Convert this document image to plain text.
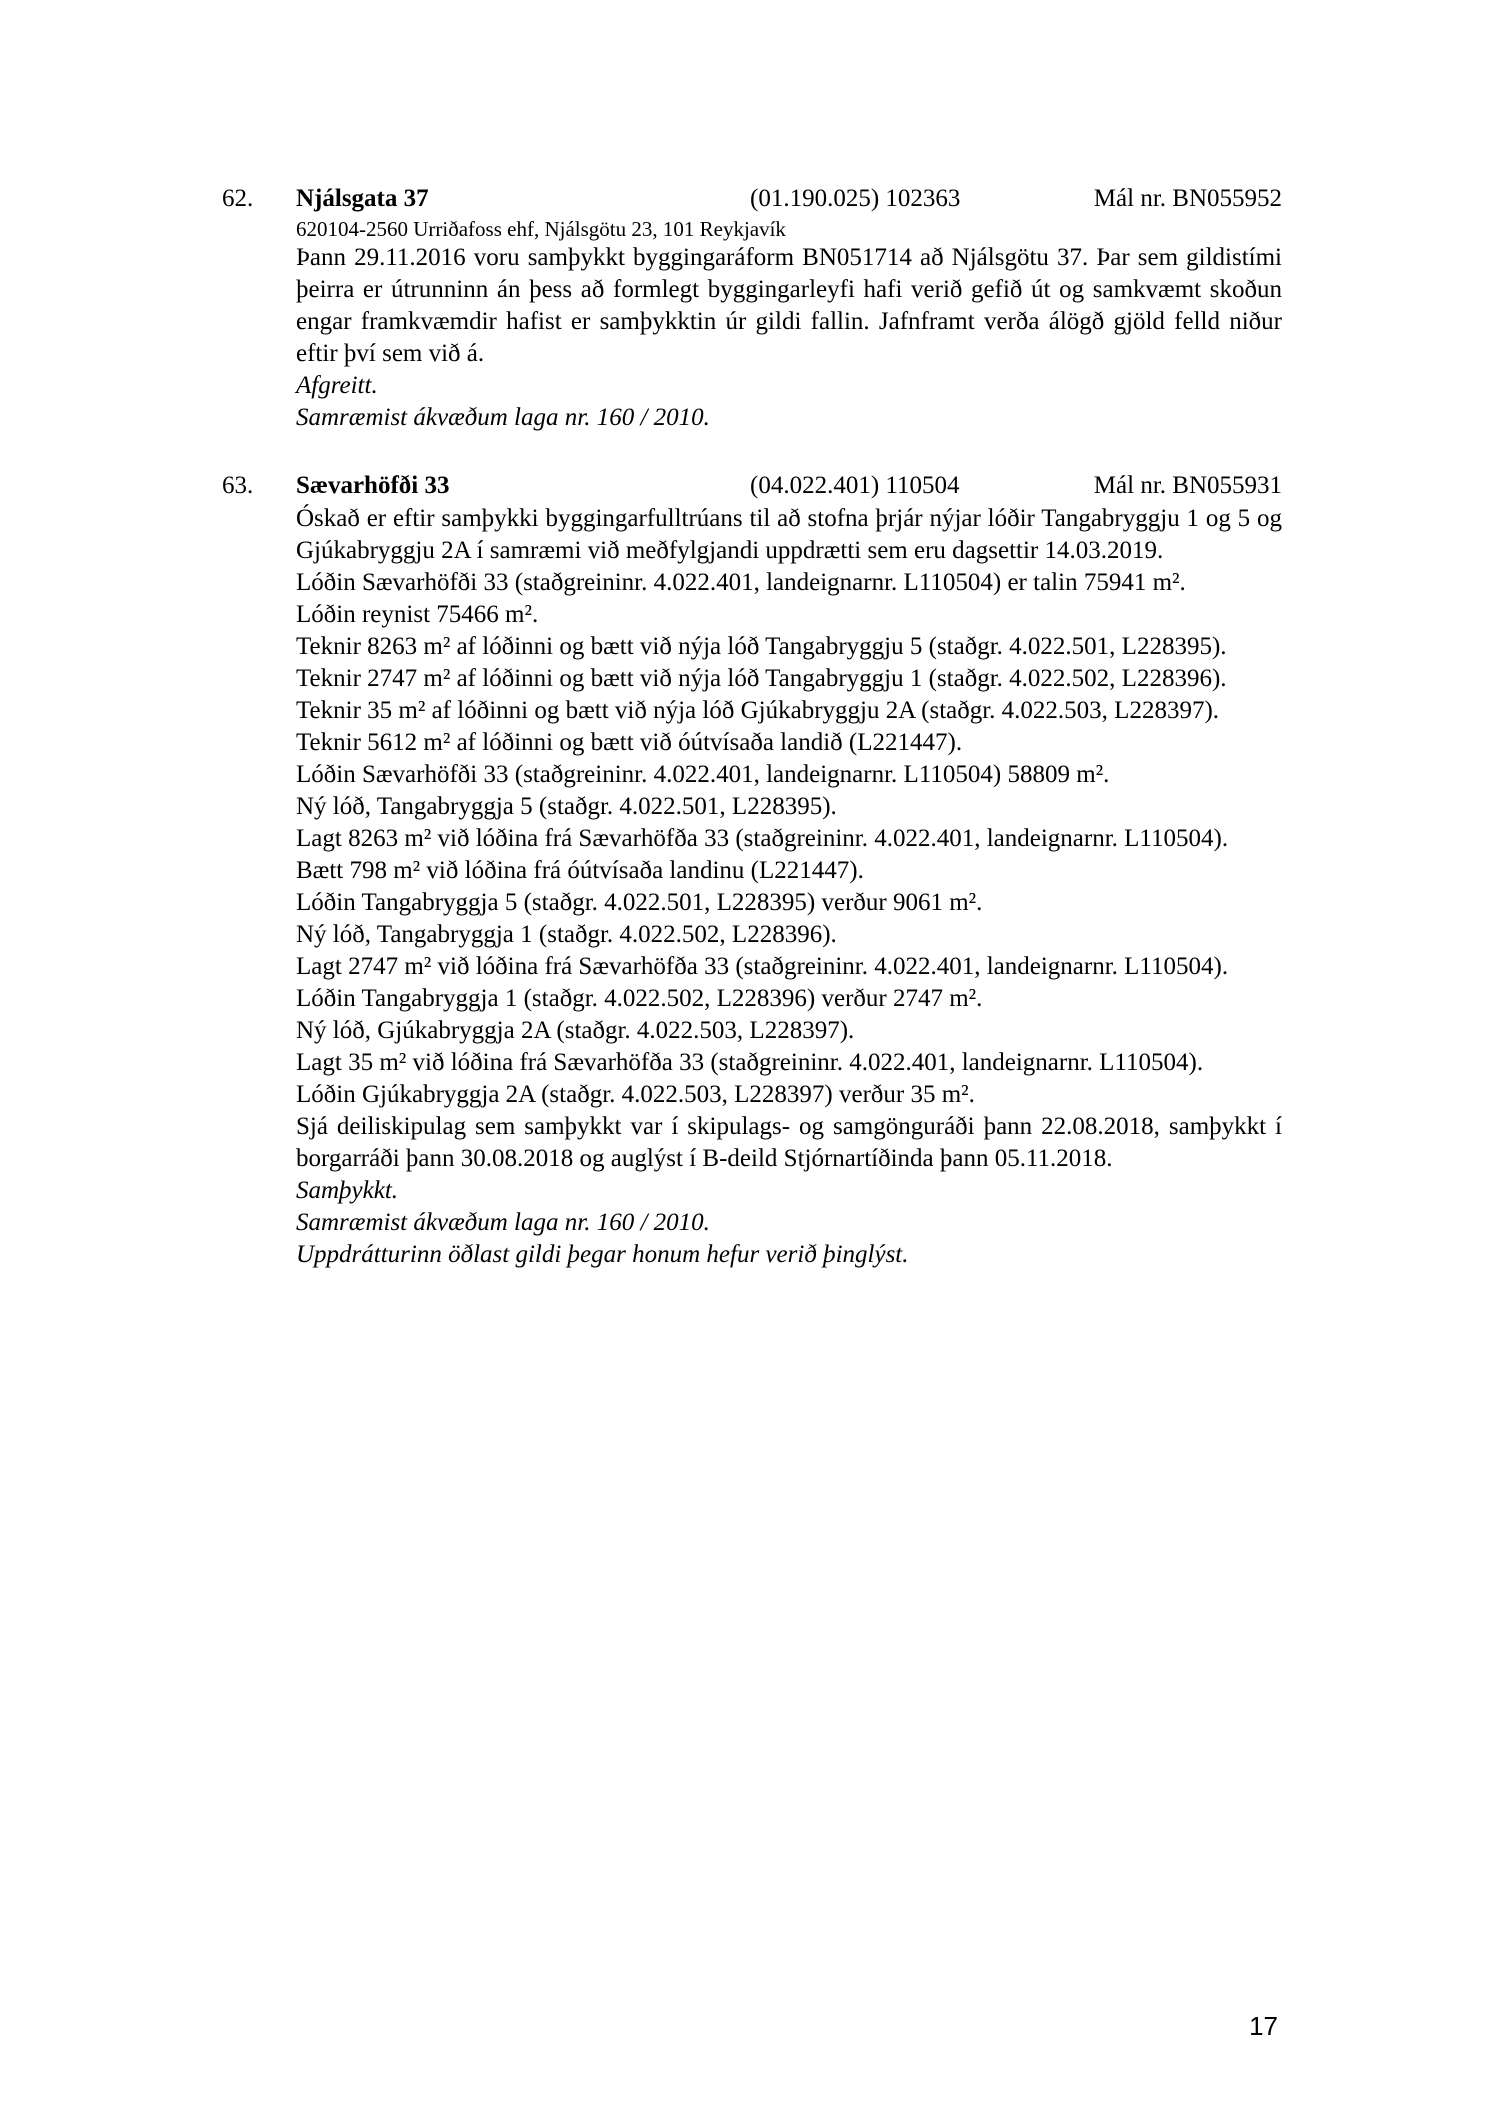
62. Njálsgata 37	(01.190.025) 102363	Mál nr. BN055952

620104-2560 Urriðafoss ehf, Njálsgötu 23, 101 Reykjavík

Þann 29.11.2016 voru samþykkt byggingaráform BN051714 að Njálsgötu 37. Þar sem gildistími þeirra er útrunninn án þess að formlegt byggingarleyfi hafi verið gefið út og samkvæmt skoðun engar framkvæmdir hafist er samþykktin úr gildi fallin. Jafnframt verða álögð gjöld felld niður eftir því sem við á.

Afgreitt.

Samræmist ákvæðum laga nr. 160 / 2010.

63. Sævarhöfði 33	(04.022.401) 110504	Mál nr. BN055931

Óskað er eftir samþykki byggingarfulltrúans til að stofna þrjár nýjar lóðir Tangabryggju 1 og 5 og Gjúkabryggju 2A í samræmi við meðfylgjandi uppdrætti sem eru dagsettir 14.03.2019.

Lóðin Sævarhöfði 33 (staðgreininr. 4.022.401, landeignarnr. L110504) er talin 75941 m².

Lóðin reynist 75466 m².

Teknir 8263 m² af lóðinni og bætt við nýja lóð Tangabryggju 5 (staðgr. 4.022.501, L228395).

Teknir 2747 m² af lóðinni og bætt við nýja lóð Tangabryggju 1 (staðgr. 4.022.502, L228396).

Teknir 35 m² af lóðinni og bætt við nýja lóð Gjúkabryggju 2A (staðgr. 4.022.503, L228397).

Teknir 5612 m² af lóðinni og bætt við óútvísaða landið (L221447).

Lóðin Sævarhöfði 33 (staðgreininr. 4.022.401, landeignarnr. L110504) 58809 m².

Ný lóð, Tangabryggja 5 (staðgr. 4.022.501, L228395).

Lagt 8263 m² við lóðina frá Sævarhöfða 33 (staðgreininr. 4.022.401, landeignarnr. L110504).

Bætt 798 m² við lóðina frá óútvísaða landinu (L221447).

Lóðin Tangabryggja 5 (staðgr. 4.022.501, L228395) verður 9061 m².

Ný lóð, Tangabryggja 1 (staðgr. 4.022.502, L228396).

Lagt 2747 m² við lóðina frá Sævarhöfða 33 (staðgreininr. 4.022.401, landeignarnr. L110504).

Lóðin Tangabryggja 1 (staðgr. 4.022.502, L228396) verður 2747 m².

Ný lóð, Gjúkabryggja 2A (staðgr. 4.022.503, L228397).

Lagt 35 m² við lóðina frá Sævarhöfða 33 (staðgreininr. 4.022.401, landeignarnr. L110504).

Lóðin Gjúkabryggja 2A (staðgr. 4.022.503, L228397) verður 35 m².

Sjá deiliskipulag sem samþykkt var í skipulags- og samgönguráði þann 22.08.2018, samþykkt í borgarráði þann 30.08.2018 og auglýst í B-deild Stjórnartíðinda þann 05.11.2018.

Samþykkt.

Samræmist ákvæðum laga nr. 160 / 2010.

Uppdrátturinn öðlast gildi þegar honum hefur verið þinglýst.

17
